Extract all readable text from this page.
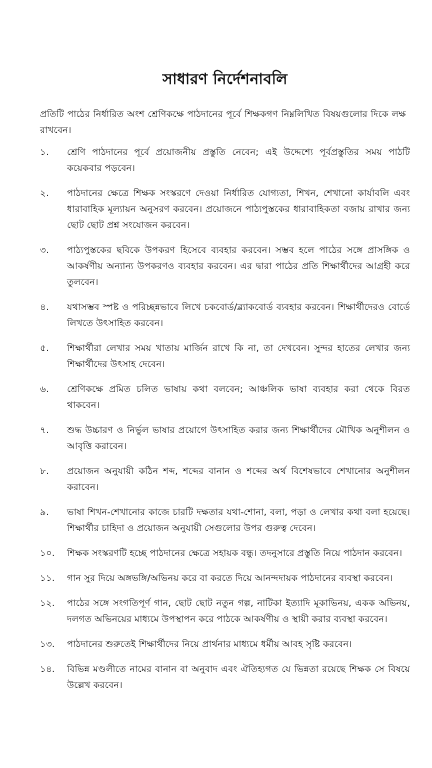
সাধারণ নির্দেশনাবলি
প্রতিটি পাঠের নির্ধারিত অংশ শ্রেণিকক্ষে পাঠদানের পূর্বে শিক্ষকগণ নিম্নলিখিত বিষয়গুলোর দিকে লক্ষ রাখবেন।
১.	শ্রেণি পাঠদানের পূর্বে প্রয়োজনীয় প্রস্তুতি নেবেন; এই উদ্দেশ্যে পূর্বপ্রস্তুতির সময় পাঠটি কয়েকবার পড়বেন।
২.	পাঠদানের ক্ষেত্রে শিক্ষক সংস্করণে দেওয়া নির্ধারিত যোগ্যতা, শিখন, শেখানো কার্যাবলি এবং ধারাবাহিক মূল্যায়ন অনুসরণ করবেন। প্রয়োজনে পাঠ্যপুস্তকের ধারাবাহিকতা বজায় রাখার জন্য ছোট ছোট প্রশ্ন সংযোজন করবেন।
৩.	পাঠ্যপুস্তকের ছবিকে উপকরণ হিসেবে ব্যবহার করবেন। সম্ভব হলে পাঠের সঙ্গে প্রাসঙ্গিক ও আকর্ষণীয় অন্যান্য উপকরণও ব্যবহার করবেন। এর দ্বারা পাঠের প্রতি শিক্ষার্থীদের আগ্রহী করে তুলবেন।
৪.	যথাসম্ভব স্পষ্ট ও পরিচ্ছন্নভাবে লিখে চকবোর্ড/ব্ল্যাকবোর্ড ব্যবহার করবেন। শিক্ষার্থীদেরও বোর্ডে লিখতে উৎসাহিত করবেন।
৫.	শিক্ষার্থীরা লেখার সময় খাতায় মার্জিন রাখে কি না, তা দেখবেন। সুন্দর হাতের লেখার জন্য শিক্ষার্থীদের উৎসাহ দেবেন।
৬.	শ্রেণিকক্ষে প্রমিত চলিত ভাষায় কথা বলবেন; আঞ্চলিক ভাষা ব্যবহার করা থেকে বিরত থাকবেন।
৭.	শুদ্ধ উচ্চারণ ও নির্ভুল ভাষার প্রয়োগে উৎসাহিত করার জন্য শিক্ষার্থীদের মৌখিক অনুশীলন ও আবৃত্তি করাবেন।
৮.	প্রয়োজন অনুযায়ী কঠিন শব্দ, শব্দের বানান ও শব্দের অর্থ বিশেষভাবে শেখানোর অনুশীলন করাবেন।
৯.	ভাষা শিখন-শেখানোর কাজে চারটি দক্ষতার যথা-শোনা, বলা, পড়া ও লেখার কথা বলা হয়েছে। শিক্ষার্থীর চাহিদা ও প্রয়োজন অনুযায়ী সেগুলোর উপর গুরুত্ব দেবেন।
১০.	শিক্ষক সংস্করণটি হচ্ছে পাঠদানের ক্ষেত্রে সহায়ক বন্ধু। তদনুসারে প্রস্তুতি নিয়ে পাঠদান করবেন।
১১.	গান সুর দিয়ে অঙ্গভঙ্গি/অভিনয় করে বা করতে দিয়ে আনন্দদায়ক পাঠদানের ব্যবস্থা করবেন।
১২.	পাঠের সঙ্গে সংগতিপূর্ণ গান, ছোট ছোট নতুন গল্প, নাটিকা ইত্যাদি মূকাভিনয়, একক অভিনয়, দলগত অভিনয়ের মাধ্যমে উপস্থাপন করে পাঠকে আকর্ষণীয় ও স্থায়ী করার ব্যবস্থা করবেন।
১৩.	পাঠদানের শুরুতেই শিক্ষার্থীদের নিয়ে প্রার্থনার মাধ্যমে ধর্মীয় আবহ সৃষ্টি করবেন।
১৪.	বিভিন্ন মণ্ডলীতে নামের বানান বা অনুবাদ এবং ঐতিহ্যগত যে ভিন্নতা রয়েছে শিক্ষক সে বিষয়ে উল্লেখ করবেন।
